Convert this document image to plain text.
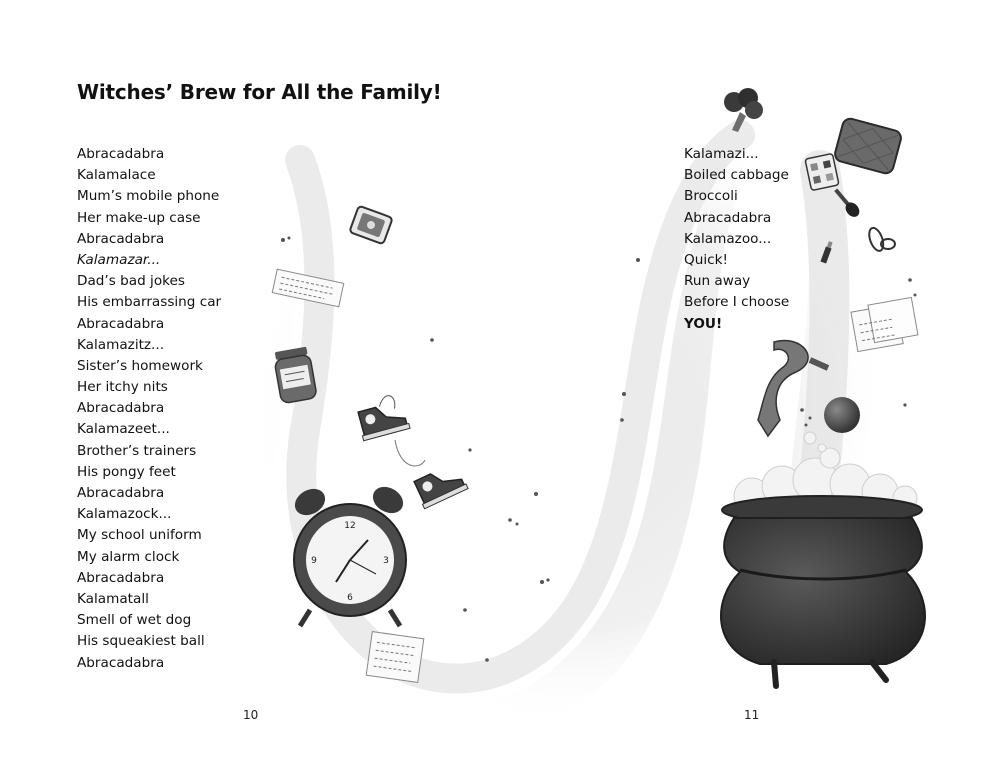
12
3
6
9
Witches’ Brew for All the Family!
Abracadabra
Kalamalace
Mum’s mobile phone
Her make-up case
Abracadabra
Kalamazar...
Dad’s bad jokes
His embarrassing car
Abracadabra
Kalamazitz...
Sister’s homework
Her itchy nits
Abracadabra
Kalamazeet...
Brother’s trainers
His pongy feet
Abracadabra
Kalamazock...
My school uniform
My alarm clock
Abracadabra
Kalamatall
Smell of wet dog
His squeakiest ball
Abracadabra
Kalamazi...
Boiled cabbage
Broccoli
Abracadabra
Kalamazoo...
Quick!
Run away
Before I choose
YOU!
10	11
